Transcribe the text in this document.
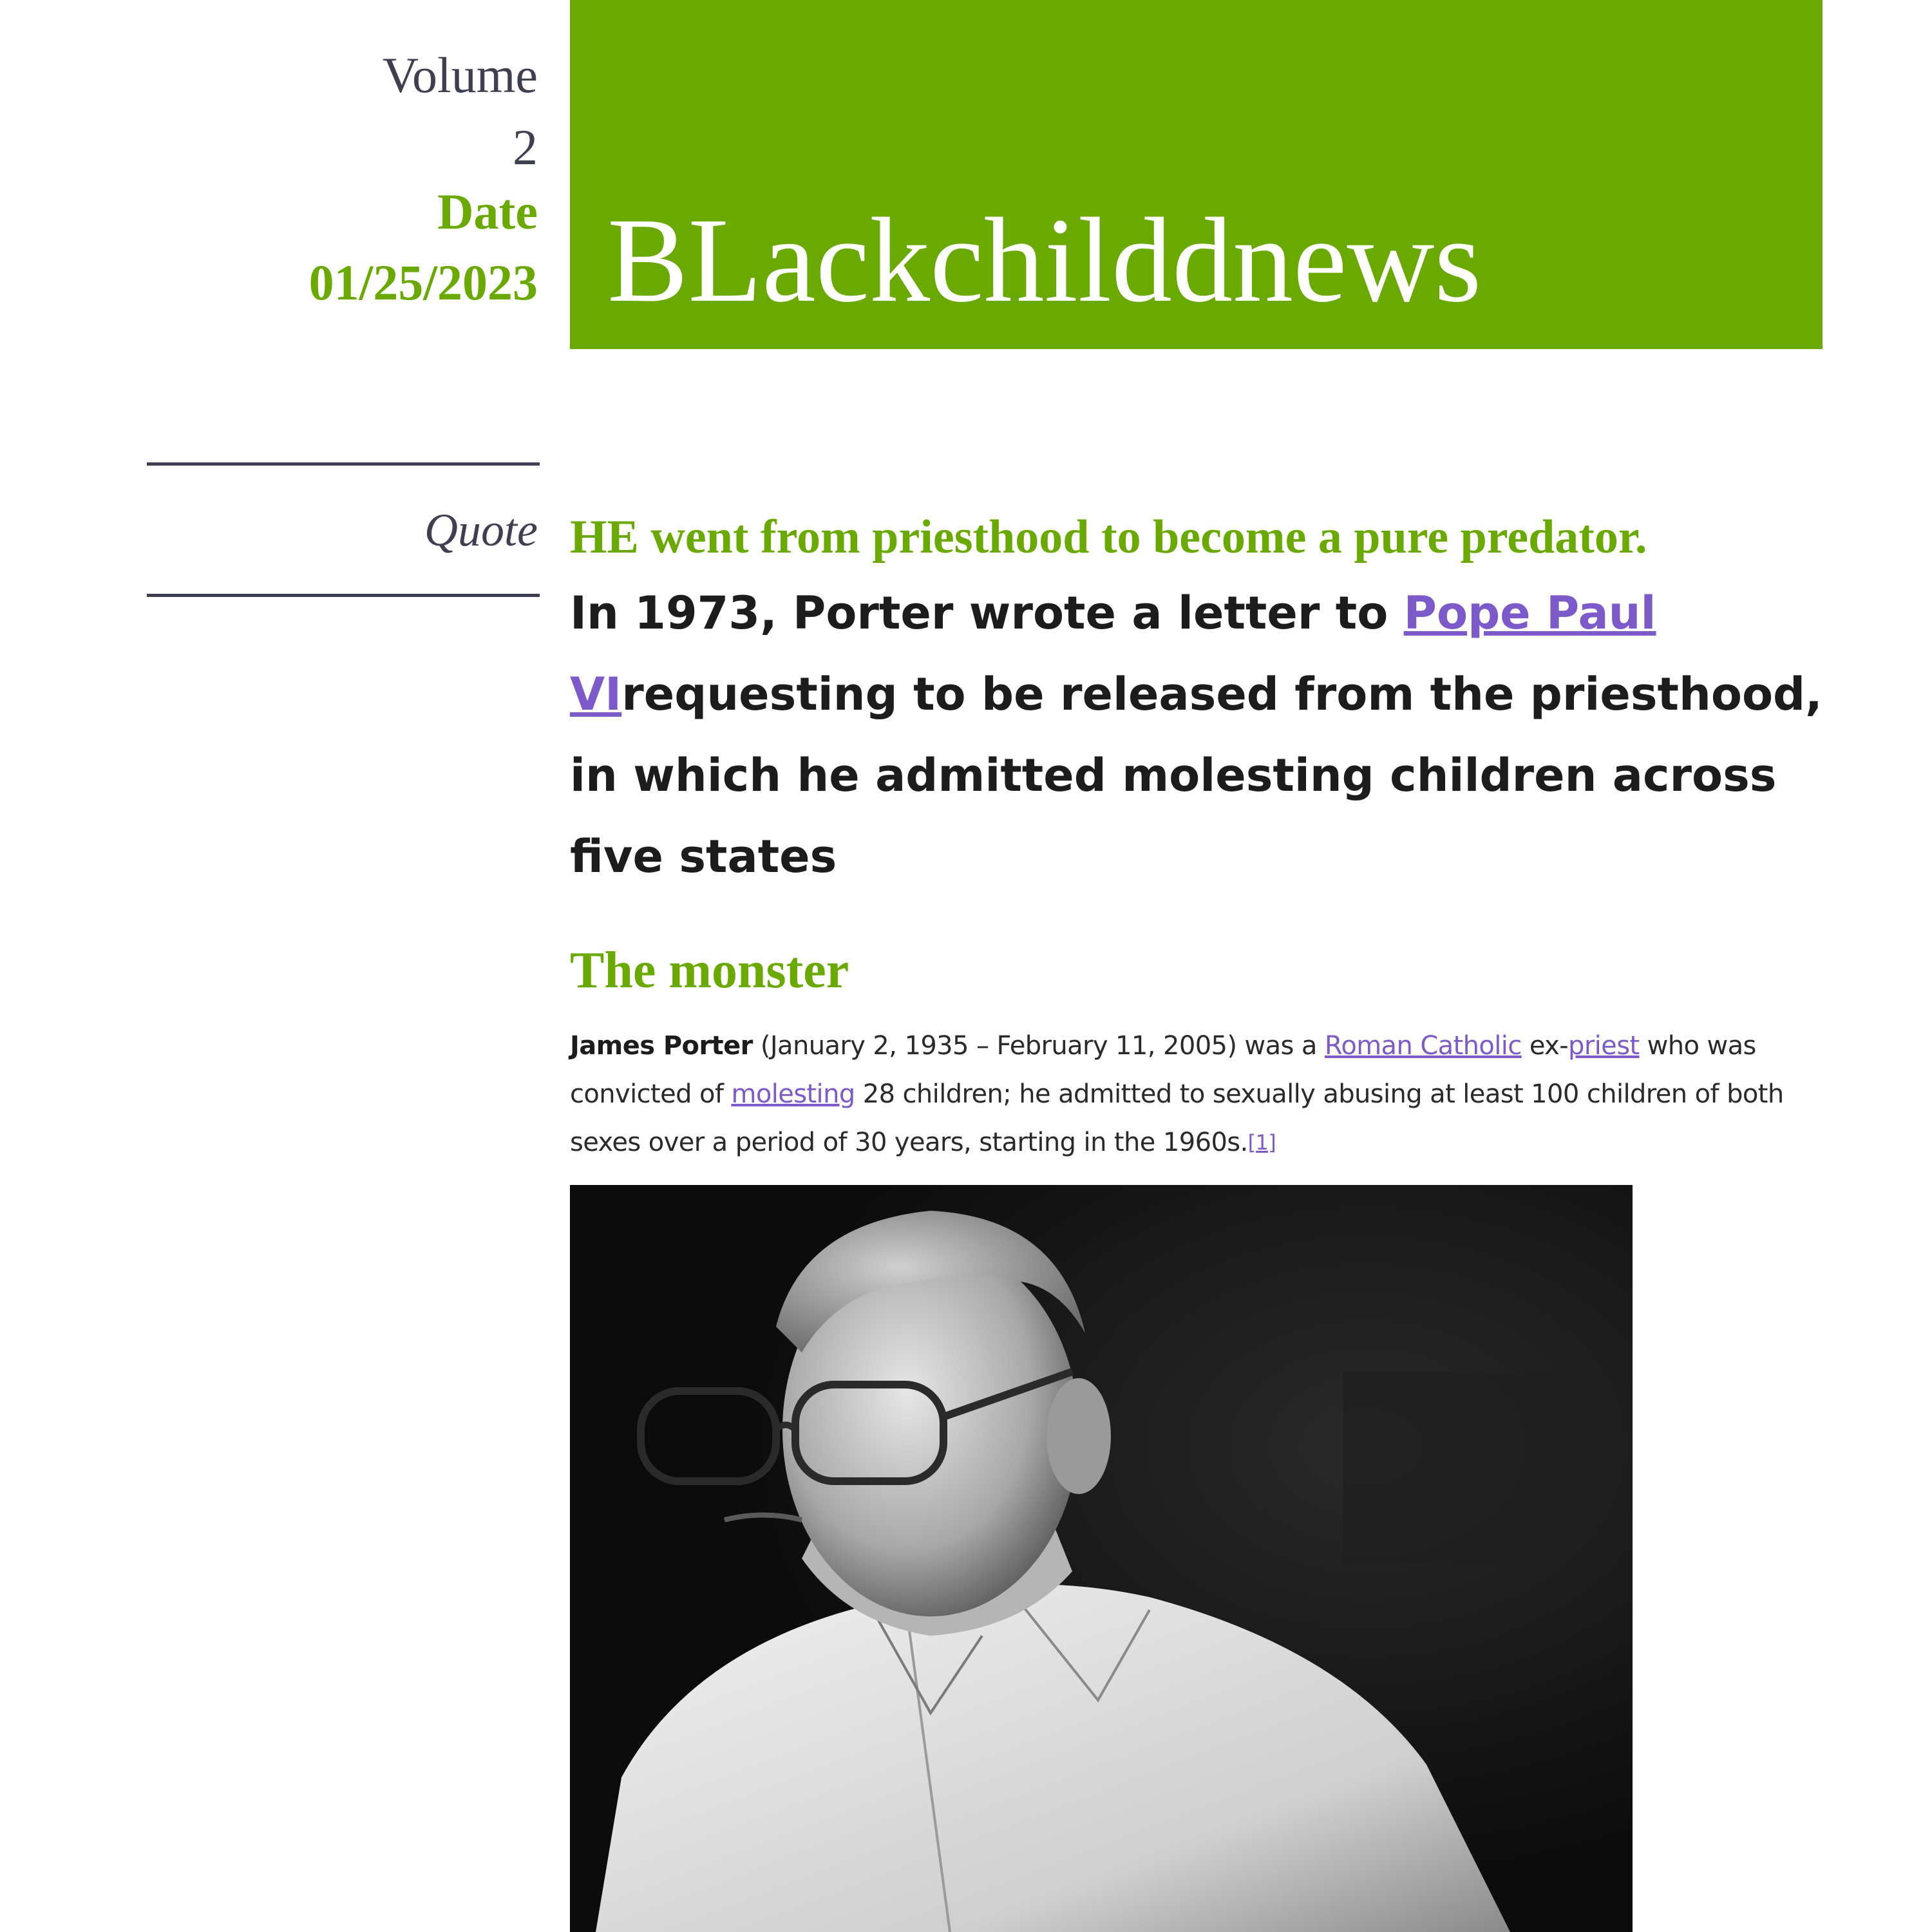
Volume
2
Date
01/25/2023
Quote
BLackchilddnews

HE went from priesthood to become a pure predator.

In 1973, Porter wrote a letter to Pope Paul VIrequesting to be released from the priesthood, in which he admitted molesting children across five states

The monster

James Porter (January 2, 1935 – February 11, 2005) was a Roman Catholic ex-priest who was convicted of molesting 28 children; he admitted to sexually abusing at least 100 children of both sexes over a period of 30 years, starting in the 1960s.[1]
